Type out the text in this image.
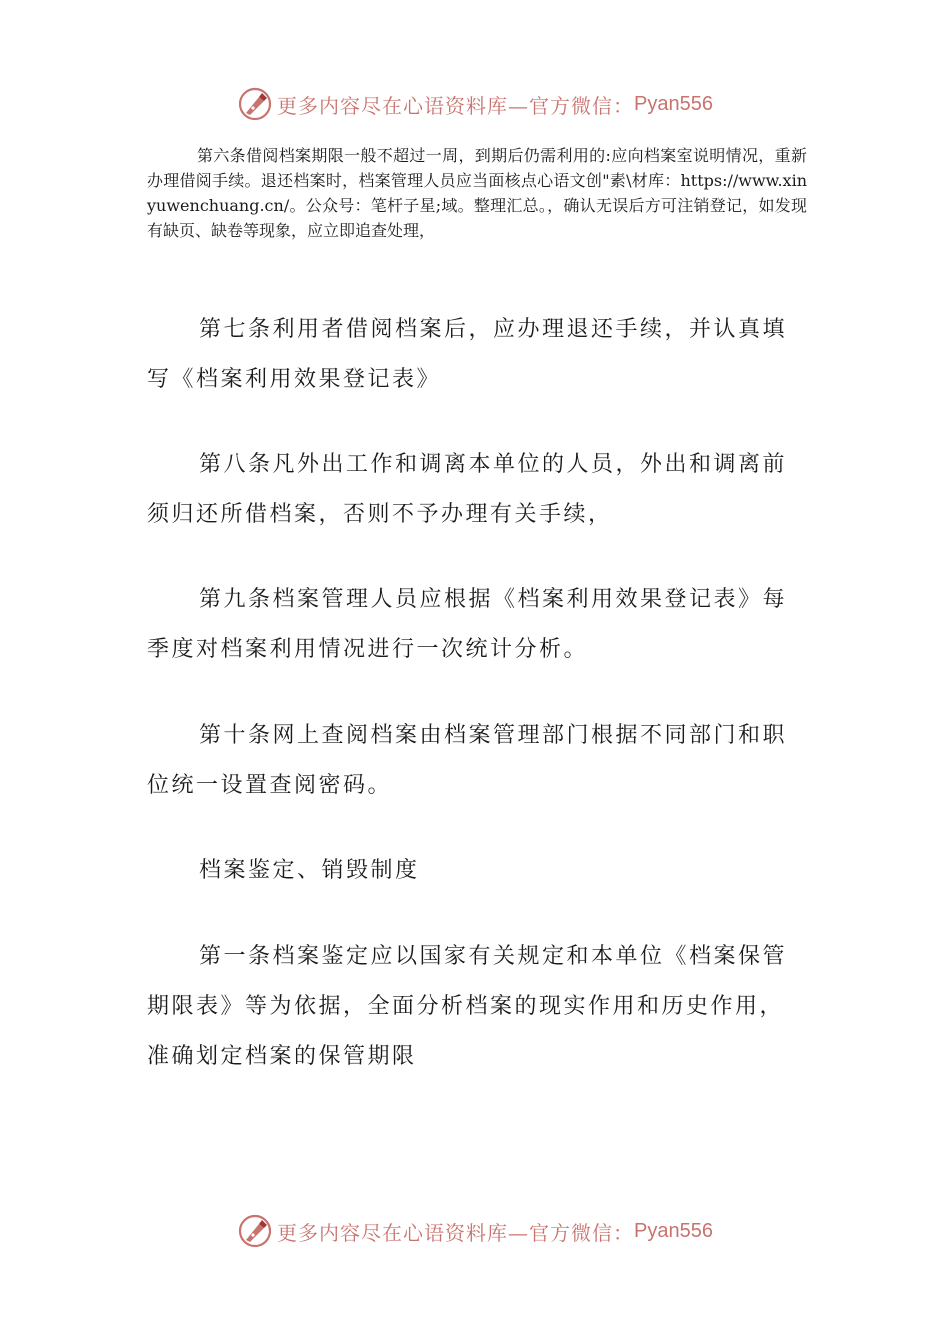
更多内容尽在心语资料库—官方微信： Pyan556

第六条借阅档案期限一般不超过一周，到期后仍需利用的:应向档案室说明情况，重新办理借阅手续。退还档案时，档案管理人员应当面核点心语文创"素\材库：https://www.xinyuwenchuang.cn/。公众号：笔杆子星;域。整理汇总。，确认无误后方可注销登记，如发现有缺页、缺卷等现象，应立即追查处理，

第七条利用者借阅档案后，应办理退还手续，并认真填写《档案利用效果登记表》

第八条凡外出工作和调离本单位的人员，外出和调离前须归还所借档案，否则不予办理有关手续，

第九条档案管理人员应根据《档案利用效果登记表》每季度对档案利用情况进行一次统计分析。

第十条网上查阅档案由档案管理部门根据不同部门和职位统一设置查阅密码。

档案鉴定、销毁制度

第一条档案鉴定应以国家有关规定和本单位《档案保管期限表》等为依据，全面分析档案的现实作用和历史作用，准确划定档案的保管期限

更多内容尽在心语资料库—官方微信： Pyan556
